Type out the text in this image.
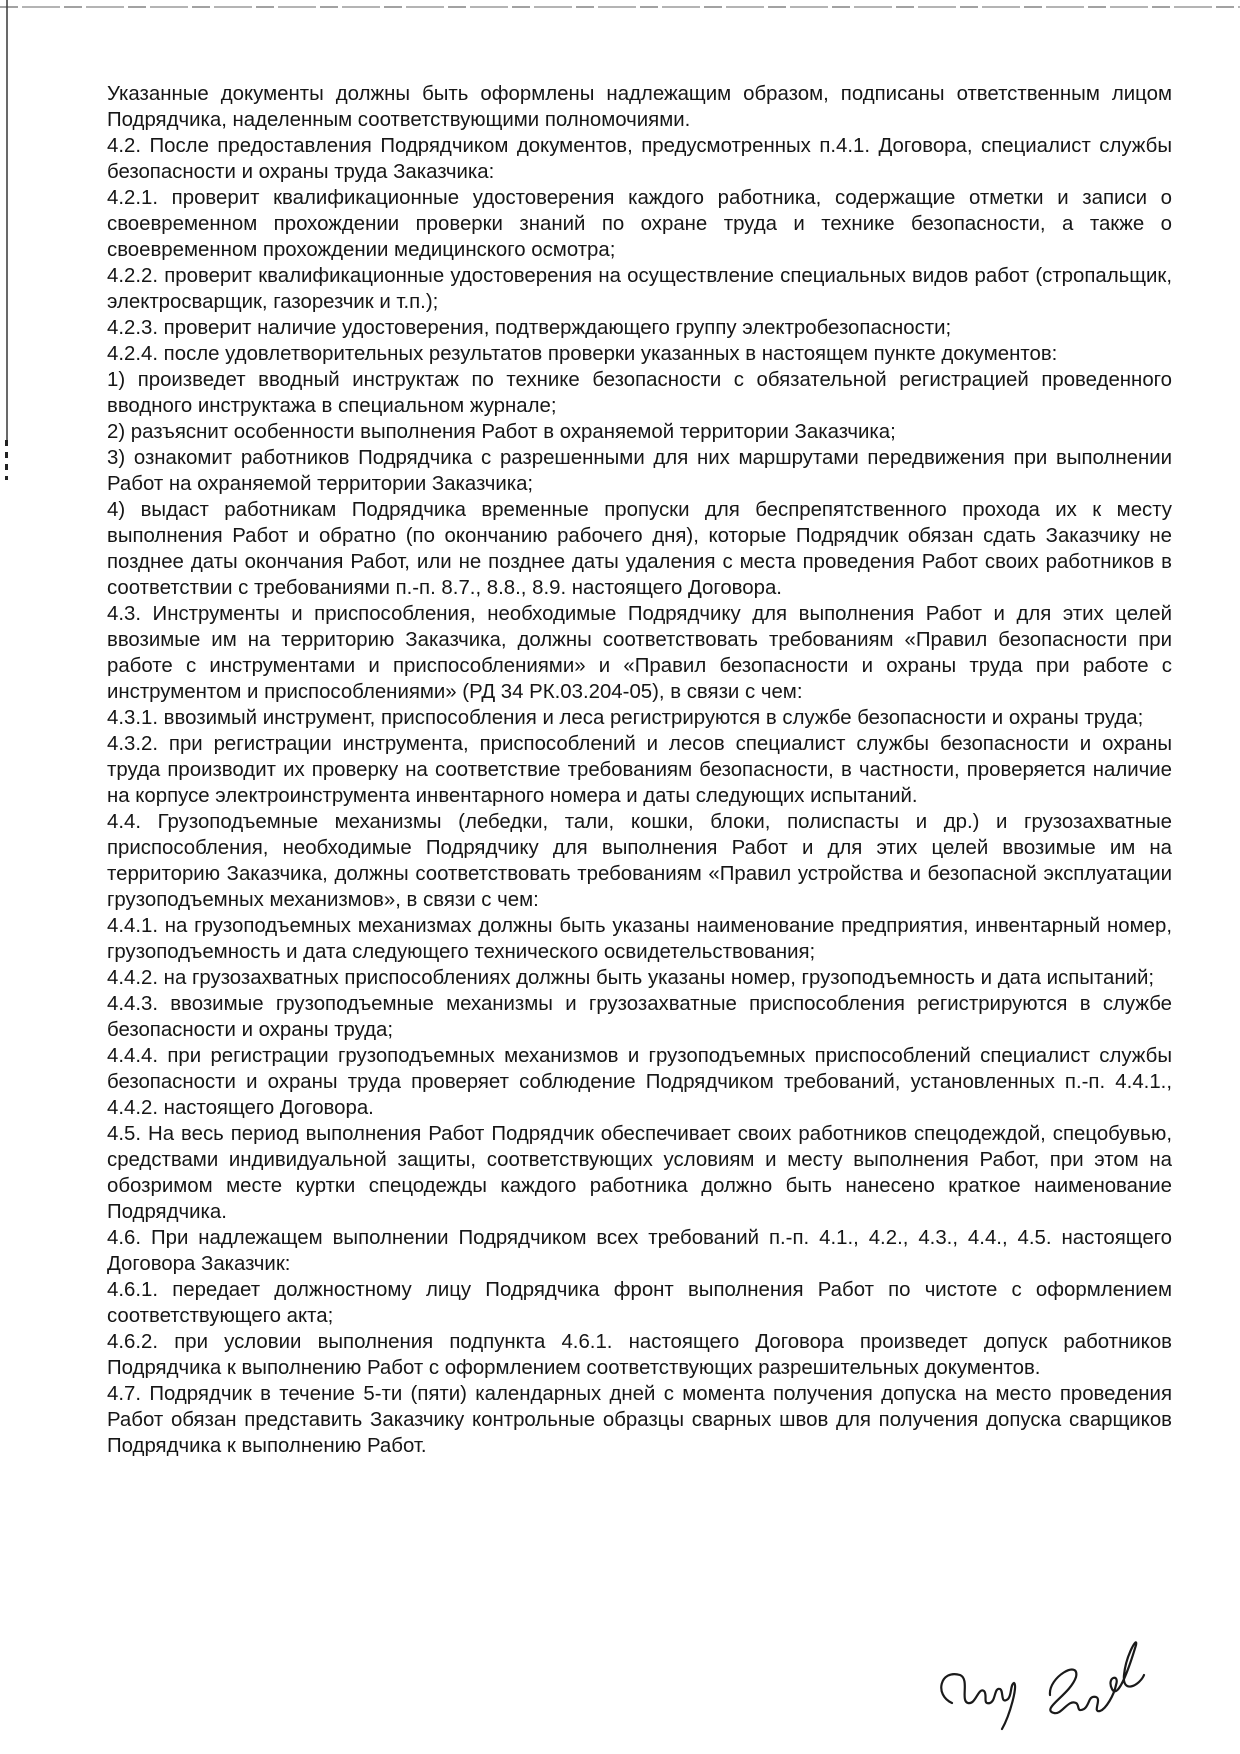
Указанные документы должны быть оформлены надлежащим образом, подписаны ответственным лицом Подрядчика, наделенным соответствующими полномочиями.

4.2. После предоставления Подрядчиком документов, предусмотренных п.4.1. Договора, специалист службы безопасности и охраны труда Заказчика:

4.2.1. проверит квалификационные удостоверения каждого работника, содержащие отметки и записи о своевременном прохождении проверки знаний по охране труда и технике безопасности, а также о своевременном прохождении медицинского осмотра;

4.2.2. проверит квалификационные удостоверения на осуществление специальных видов работ (стропальщик, электросварщик, газорезчик и т.п.);

4.2.3. проверит наличие удостоверения, подтверждающего группу электробезопасности;

4.2.4. после удовлетворительных результатов проверки указанных в настоящем пункте документов:

1) произведет вводный инструктаж по технике безопасности с обязательной регистрацией проведенного вводного инструктажа в специальном журнале;

2) разъяснит особенности выполнения Работ в охраняемой территории Заказчика;

3) ознакомит работников Подрядчика с разрешенными для них маршрутами передвижения при выполнении Работ на охраняемой территории Заказчика;

4) выдаст работникам Подрядчика временные пропуски для беспрепятственного прохода их к месту выполнения Работ и обратно (по окончанию рабочего дня), которые Подрядчик обязан сдать Заказчику не позднее даты окончания Работ, или не позднее даты удаления с места проведения Работ своих работников в соответствии с требованиями п.-п. 8.7., 8.8., 8.9. настоящего Договора.

4.3. Инструменты и приспособления, необходимые Подрядчику для выполнения Работ и для этих целей ввозимые им на территорию Заказчика, должны соответствовать требованиям «Правил безопасности при работе с инструментами и приспособлениями» и «Правил безопасности и охраны труда при работе с инструментом и приспособлениями» (РД 34 РК.03.204-05), в связи с чем:

4.3.1. ввозимый инструмент, приспособления и леса регистрируются в службе безопасности и охраны труда;

4.3.2. при регистрации инструмента, приспособлений и лесов специалист службы безопасности и охраны труда производит их проверку на соответствие требованиям безопасности, в частности, проверяется наличие на корпусе электроинструмента инвентарного номера и даты следующих испытаний.

4.4. Грузоподъемные механизмы (лебедки, тали, кошки, блоки, полиспасты и др.) и грузозахватные приспособления, необходимые Подрядчику для выполнения Работ и для этих целей ввозимые им на территорию Заказчика, должны соответствовать требованиям «Правил устройства и безопасной эксплуатации грузоподъемных механизмов», в связи с чем:

4.4.1. на грузоподъемных механизмах должны быть указаны наименование предприятия, инвентарный номер, грузоподъемность и дата следующего технического освидетельствования;

4.4.2. на грузозахватных приспособлениях должны быть указаны номер, грузоподъемность и дата испытаний;

4.4.3. ввозимые грузоподъемные механизмы и грузозахватные приспособления регистрируются в службе безопасности и охраны труда;

4.4.4. при регистрации грузоподъемных механизмов и грузоподъемных приспособлений специалист службы безопасности и охраны труда проверяет соблюдение Подрядчиком требований, установленных п.-п. 4.4.1., 4.4.2. настоящего Договора.

4.5. На весь период выполнения Работ Подрядчик обеспечивает своих работников спецодеждой, спецобувью, средствами индивидуальной защиты, соответствующих условиям и месту выполнения Работ, при этом на обозримом месте куртки спецодежды каждого работника должно быть нанесено краткое наименование Подрядчика.

4.6. При надлежащем выполнении Подрядчиком всех требований п.-п. 4.1., 4.2., 4.3., 4.4., 4.5. настоящего Договора Заказчик:

4.6.1. передает должностному лицу Подрядчика фронт выполнения Работ по чистоте с оформлением соответствующего акта;

4.6.2. при условии выполнения подпункта 4.6.1. настоящего Договора произведет допуск работников Подрядчика к выполнению Работ с оформлением соответствующих разрешительных документов.

4.7. Подрядчик в течение 5-ти (пяти) календарных дней с момента получения допуска на место проведения Работ обязан представить Заказчику контрольные образцы сварных швов для получения допуска сварщиков Подрядчика к выполнению Работ.
